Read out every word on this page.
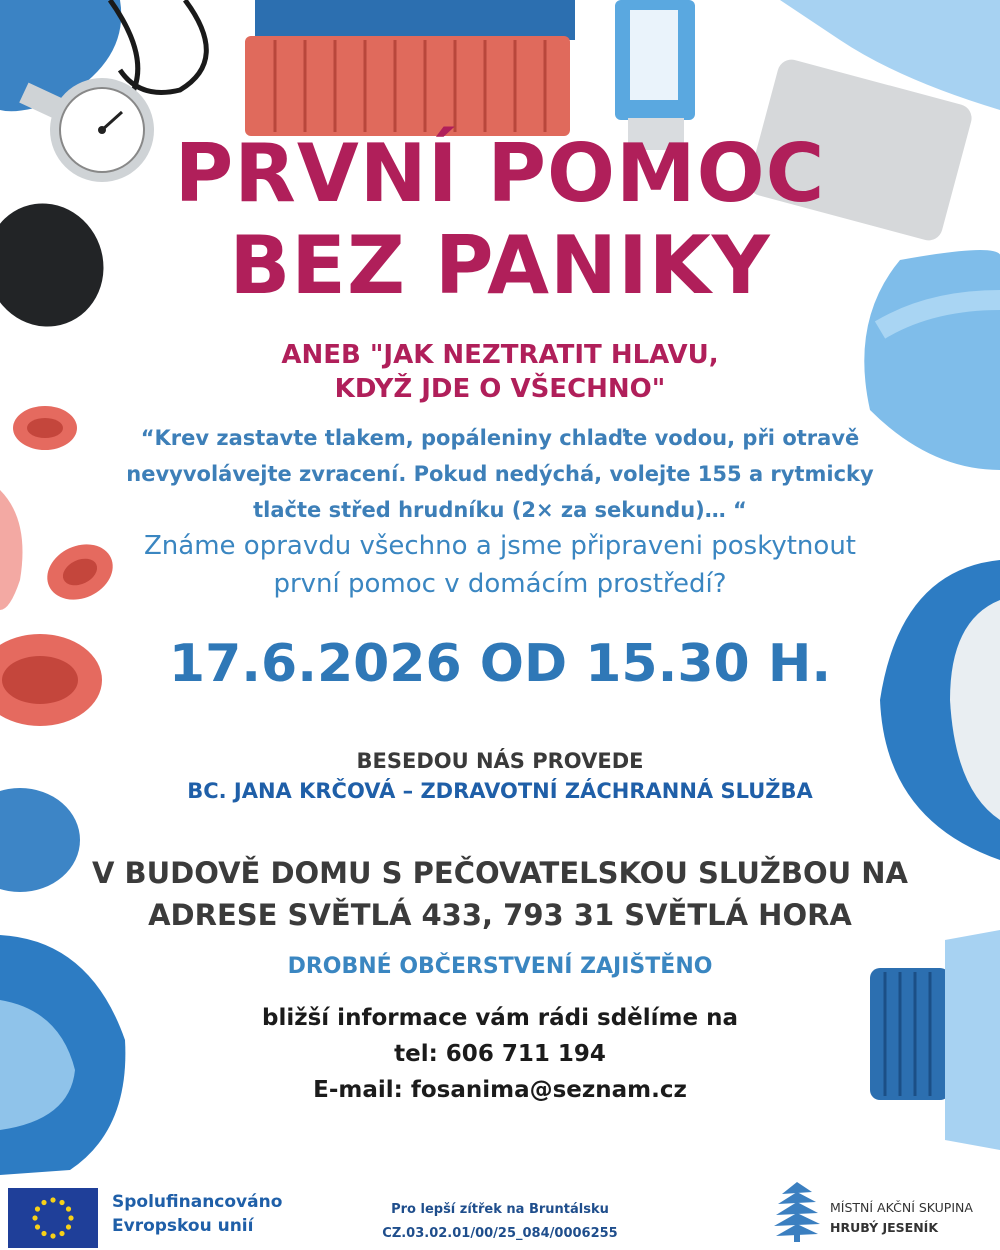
PRVNÍ POMOC
BEZ PANIKY
ANEB "JAK NEZTRATIT HLAVU,
KDYŽ JDE O VŠECHNO"
“Krev zastavte tlakem, popáleniny chlaďte vodou, při otravě
nevyvolávejte zvracení. Pokud nedýchá, volejte 155 a rytmicky
tlačte střed hrudníku (2× za sekundu)… “
Známe opravdu všechno a jsme připraveni poskytnout
první pomoc v domácím prostředí?
17.6.2026 OD 15.30 H.
BESEDOU NÁS PROVEDE
BC. JANA KRČOVÁ – ZDRAVOTNÍ ZÁCHRANNÁ SLUŽBA
V BUDOVĚ DOMU S PEČOVATELSKOU SLUŽBOU NA
ADRESE SVĚTLÁ 433, 793 31 SVĚTLÁ HORA
DROBNÉ OBČERSTVENÍ ZAJIŠTĚNO
bližší informace vám rádi sdělíme na
tel: 606 711 194
E-mail: fosanima@seznam.cz

Spolufinancováno
Evropskou unií

Pro lepší zítřek na Bruntálsku
CZ.03.02.01/00/25_084/0006255

MÍSTNÍ AKČNÍ SKUPINA
HRUBÝ JESENÍK
